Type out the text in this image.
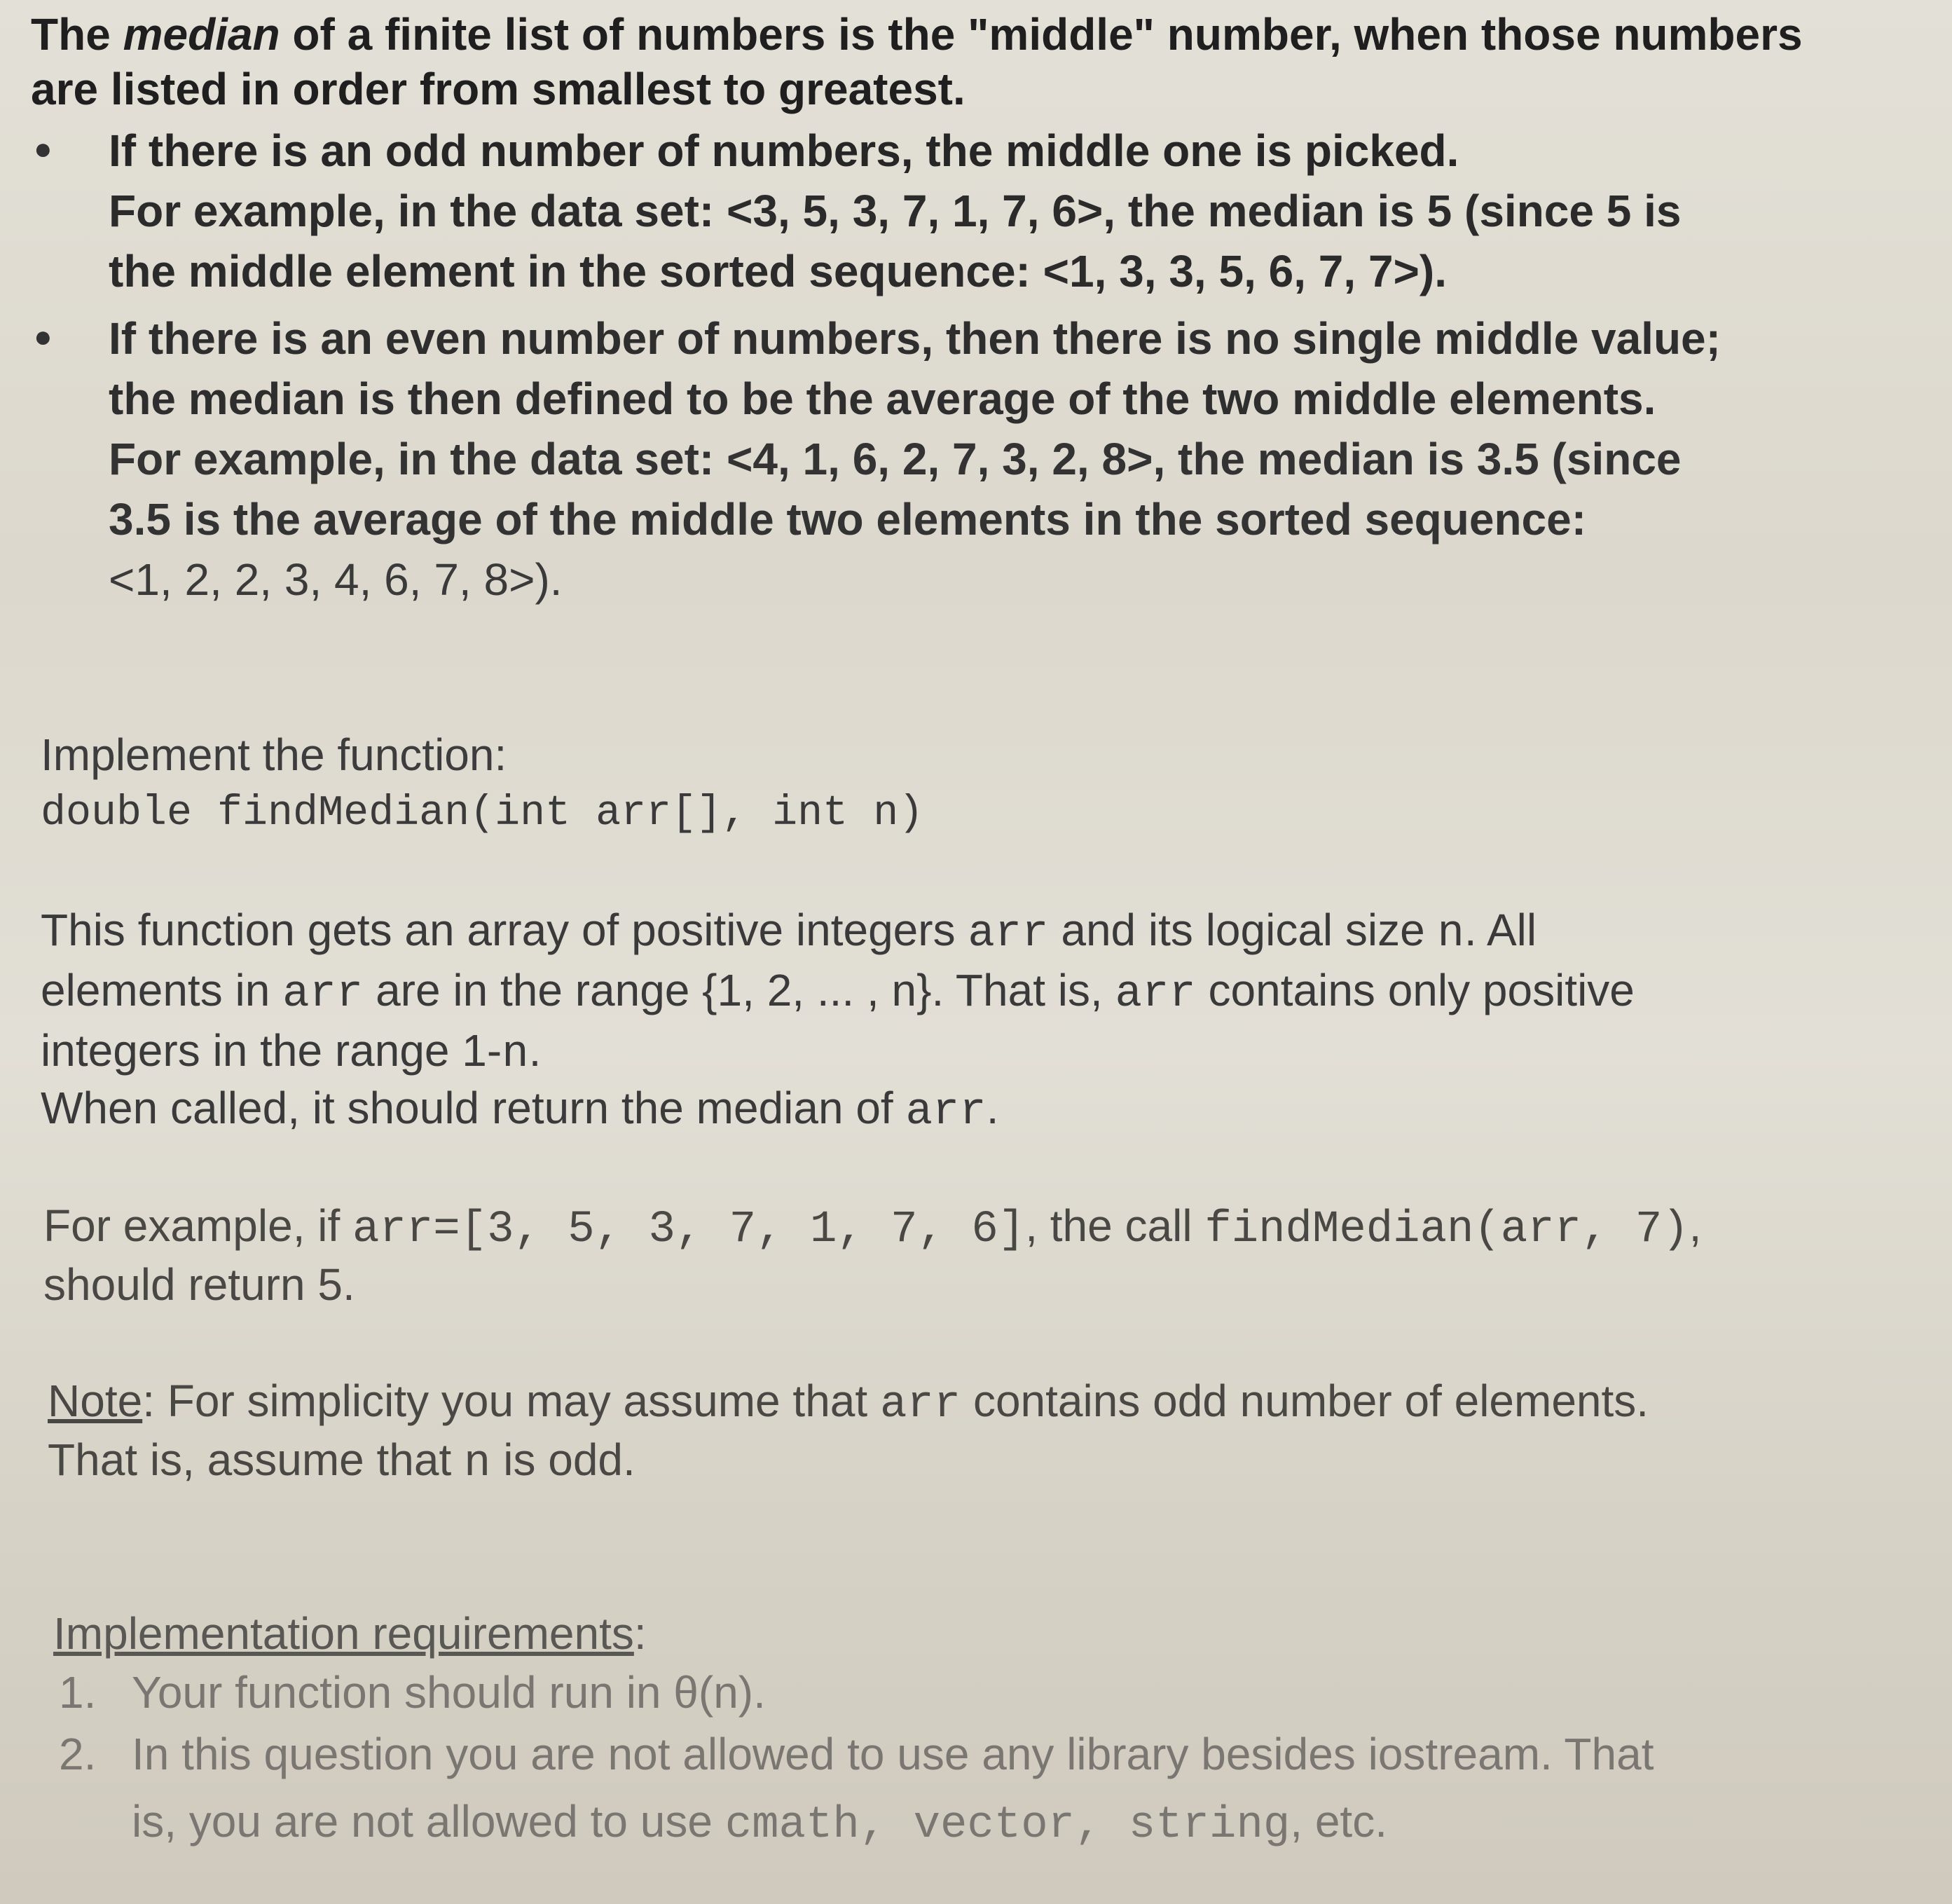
The median of a finite list of numbers is the "middle" number, when those numbers
are listed in order from smallest to greatest.
● If there is an odd number of numbers, the middle one is picked.
For example, in the data set: <3, 5, 3, 7, 1, 7, 6>, the median is 5 (since 5 is
the middle element in the sorted sequence: <1, 3, 3, 5, 6, 7, 7>).
● If there is an even number of numbers, then there is no single middle value;
the median is then defined to be the average of the two middle elements.
For example, in the data set: <4, 1, 6, 2, 7, 3, 2, 8>, the median is 3.5 (since
3.5 is the average of the middle two elements in the sorted sequence:
<1, 2, 2, 3, 4, 6, 7, 8>).
Implement the function:
double findMedian(int arr[], int n)
This function gets an array of positive integers arr and its logical size n. All
elements in arr are in the range {1, 2, ... , n}. That is, arr contains only positive
integers in the range 1-n.
When called, it should return the median of arr.
For example, if arr=[3, 5, 3, 7, 1, 7, 6], the call findMedian(arr, 7),
should return 5.
Note: For simplicity you may assume that arr contains odd number of elements.
That is, assume that n is odd.
Implementation requirements:
1. Your function should run in θ(n).
2. In this question you are not allowed to use any library besides iostream. That
is, you are not allowed to use cmath, vector, string, etc.
